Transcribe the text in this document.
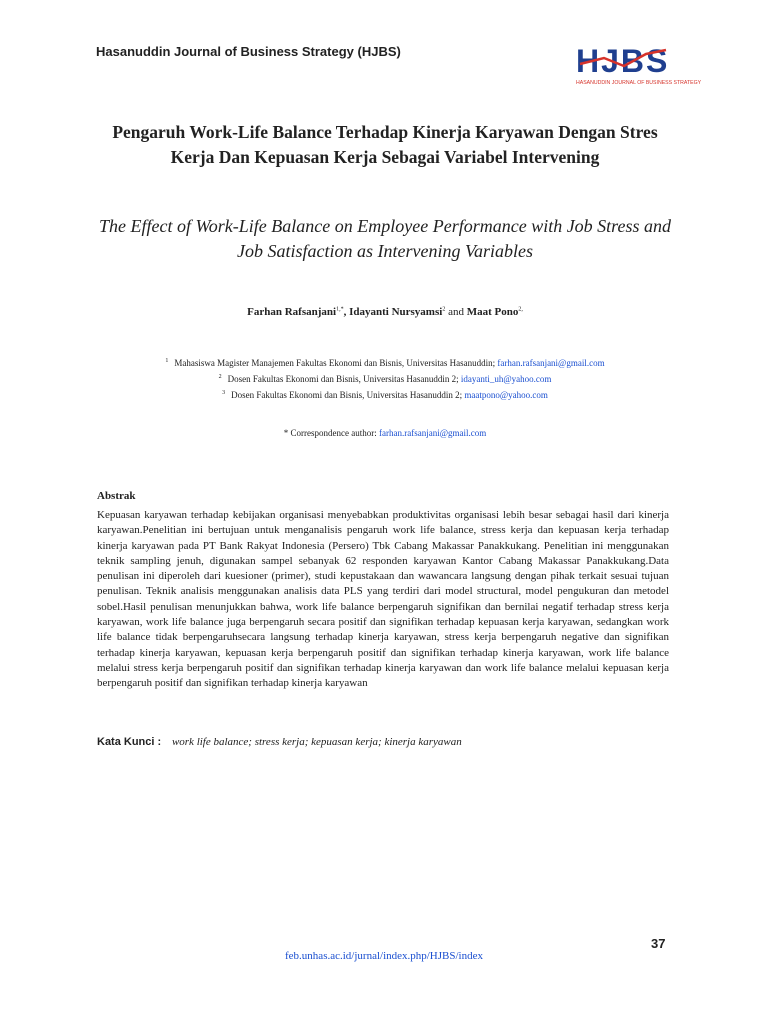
Hasanuddin Journal of Business Strategy (HJBS)	HJBS
HASANUDDIN JOURNAL OF BUSINESS STRATEGY
Pengaruh Work-Life Balance Terhadap Kinerja Karyawan Dengan Stres Kerja Dan Kepuasan Kerja Sebagai Variabel Intervening
The Effect of Work-Life Balance on Employee Performance with Job Stress and Job Satisfaction as Intervening Variables
Farhan Rafsanjani$^{1,*}$, Idayanti Nursyamsi$^2$ and Maat Pono$^{2,}$
$^1$ Mahasiswa Magister Manajemen Fakultas Ekonomi dan Bisnis, Universitas Hasanuddin; farhan.rafsanjani@gmail.com
$^2$ Dosen Fakultas Ekonomi dan Bisnis, Universitas Hasanuddin 2; idayanti_uh@yahoo.com
$^3$ Dosen Fakultas Ekonomi dan Bisnis, Universitas Hasanuddin 2; maatpono@yahoo.com
* Correspondence author: farhan.rafsanjani@gmail.com
Abstrak
Kepuasan karyawan terhadap kebijakan organisasi menyebabkan produktivitas organisasi lebih besar sebagai hasil dari kinerja karyawan.Penelitian ini bertujuan untuk menganalisis pengaruh work life balance, stress kerja dan kepuasan kerja terhadap kinerja karyawan pada PT Bank Rakyat Indonesia (Persero) Tbk Cabang Makassar Panakkukang. Penelitian ini menggunakan teknik sampling jenuh, digunakan sampel sebanyak 62 responden karyawan Kantor Cabang Makassar Panakkukang.Data penulisan ini diperoleh dari kuesioner (primer), studi kepustakaan dan wawancara langsung dengan pihak terkait sesuai tujuan penulisan. Teknik analisis menggunakan analisis data PLS yang terdiri dari model structural, model pengukuran dan metodel sobel.Hasil penulisan menunjukkan bahwa, work life balance berpengaruh signifikan dan bernilai negatif terhadap stress kerja karyawan, work life balance juga berpengaruh secara positif dan signifikan terhadap kepuasan kerja karyawan, sedangkan work life balance tidak berpengaruhsecara langsung terhadap kinerja karyawan, stress kerja berpengaruh negative dan signifikan terhadap kinerja karyawan, kepuasan kerja berpengaruh positif dan signifikan terhadap kinerja karyawan, work life balance melalui stress kerja berpengaruh positif dan signifikan terhadap kinerja karyawan dan work life balance melalui kepuasan kerja berpengaruh positif dan signifikan terhadap kinerja karyawan
Kata Kunci : work life balance; stress kerja; kepuasan kerja; kinerja karyawan
37
feb.unhas.ac.id/jurnal/index.php/HJBS/index
